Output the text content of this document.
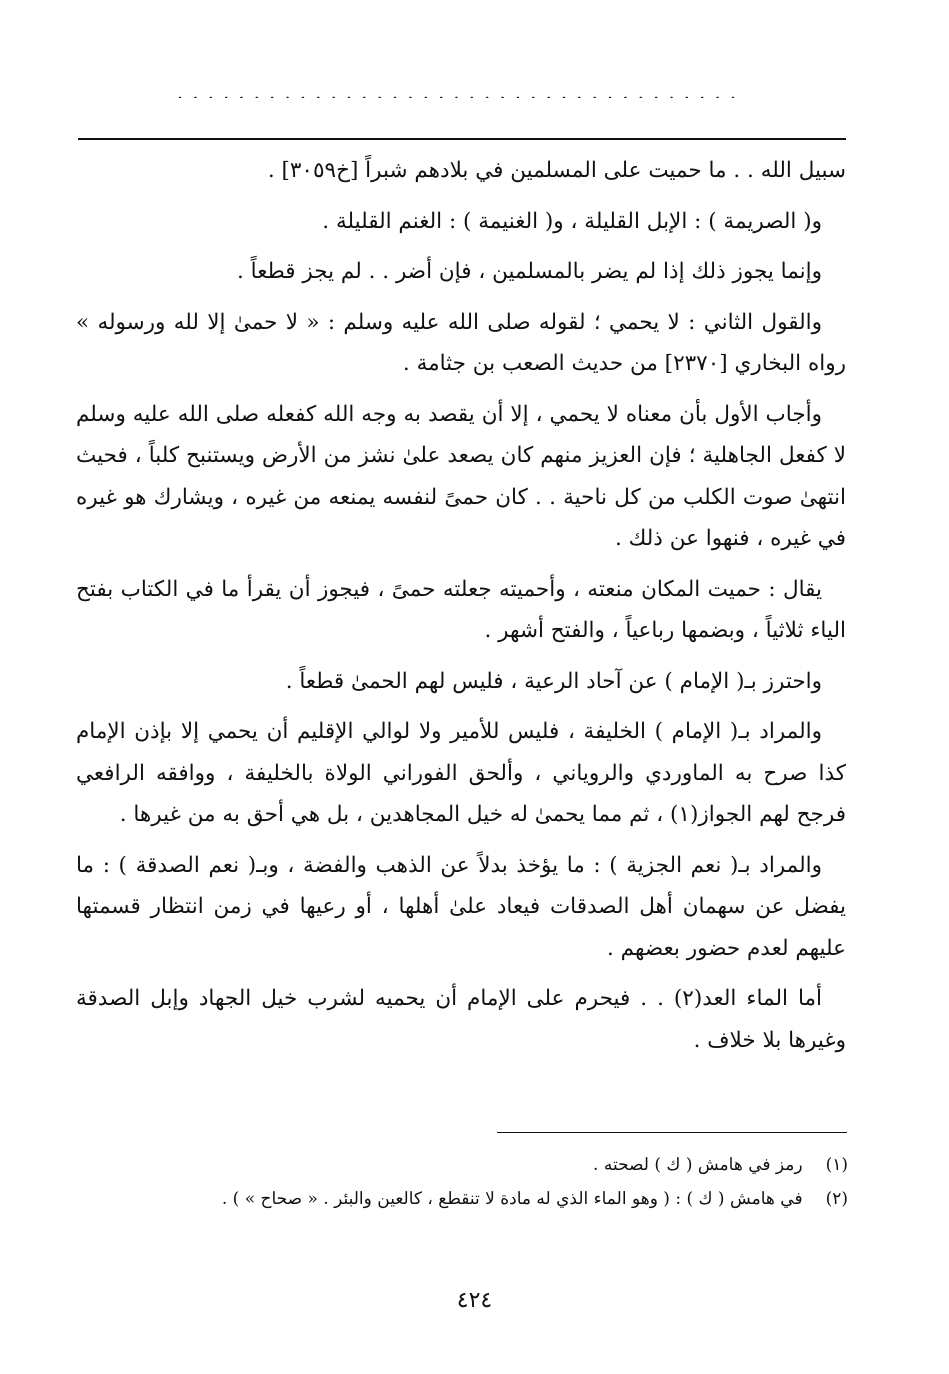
.....................................

سبيل الله . . ما حميت على المسلمين في بلادهم شبراً [خ٣٠٥٩] .

و( الصريمة ) : الإبل القليلة ، و( الغنيمة ) : الغنم القليلة .

وإنما يجوز ذلك إذا لم يضر بالمسلمين ، فإن أضر . . لم يجز قطعاً .

والقول الثاني : لا يحمي ؛ لقوله صلى الله عليه وسلم : « لا حمىٰ إلا لله ورسوله » رواه البخاري [٢٣٧٠] من حديث الصعب بن جثامة .

وأجاب الأول بأن معناه لا يحمي ، إلا أن يقصد به وجه الله كفعله صلى الله عليه وسلم لا كفعل الجاهلية ؛ فإن العزيز منهم كان يصعد علىٰ نشز من الأرض ويستنبح كلباً ، فحيث انتهىٰ صوت الكلب من كل ناحية . . كان حمىً لنفسه يمنعه من غيره ، ويشارك هو غيره في غيره ، فنهوا عن ذلك .

يقال : حميت المكان منعته ، وأحميته جعلته حمىً ، فيجوز أن يقرأ ما في الكتاب بفتح الياء ثلاثياً ، وبضمها رباعياً ، والفتح أشهر .

واحترز بـ( الإمام ) عن آحاد الرعية ، فليس لهم الحمىٰ قطعاً .

والمراد بـ( الإمام ) الخليفة ، فليس للأمير ولا لوالي الإقليم أن يحمي إلا بإذن الإمام كذا صرح به الماوردي والروياني ، وألحق الفوراني الولاة بالخليفة ، ووافقه الرافعي فرجح لهم الجواز(١) ، ثم مما يحمىٰ له خيل المجاهدين ، بل هي أحق به من غيرها .

والمراد بـ( نعم الجزية ) : ما يؤخذ بدلاً عن الذهب والفضة ، وبـ( نعم الصدقة ) : ما يفضل عن سهمان أهل الصدقات فيعاد علىٰ أهلها ، أو رعيها في زمن انتظار قسمتها عليهم لعدم حضور بعضهم .

أما الماء العد(٢) . . فيحرم على الإمام أن يحميه لشرب خيل الجهاد وإبل الصدقة وغيرها بلا خلاف .

(١) رمز في هامش ( ك ) لصحته .
(٢) في هامش ( ك ) : ( وهو الماء الذي له مادة لا تنقطع ، كالعين والبئر . « صحاح » ) .
٤٢٤
